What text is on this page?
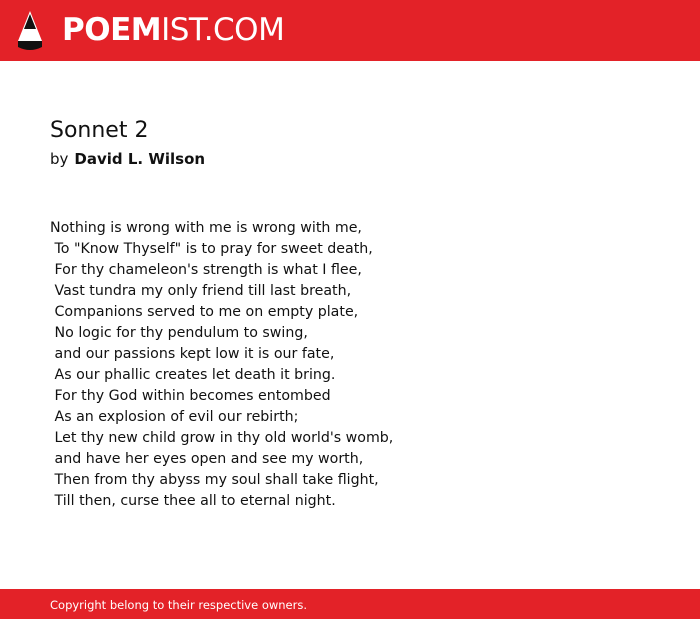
POEMIST.COM
Sonnet 2
by David L. Wilson
Nothing is wrong with me is wrong with me,
To "Know Thyself" is to pray for sweet death,
For thy chameleon's strength is what I flee,
Vast tundra my only friend till last breath,
Companions served to me on empty plate,
No logic for thy pendulum to swing,
and our passions kept low it is our fate,
As our phallic creates let death it bring.
For thy God within becomes entombed
As an explosion of evil our rebirth;
Let thy new child grow in thy old world's womb,
and have her eyes open and see my worth,
Then from thy abyss my soul shall take flight,
Till then, curse thee all to eternal night.
Copyright belong to their respective owners.
